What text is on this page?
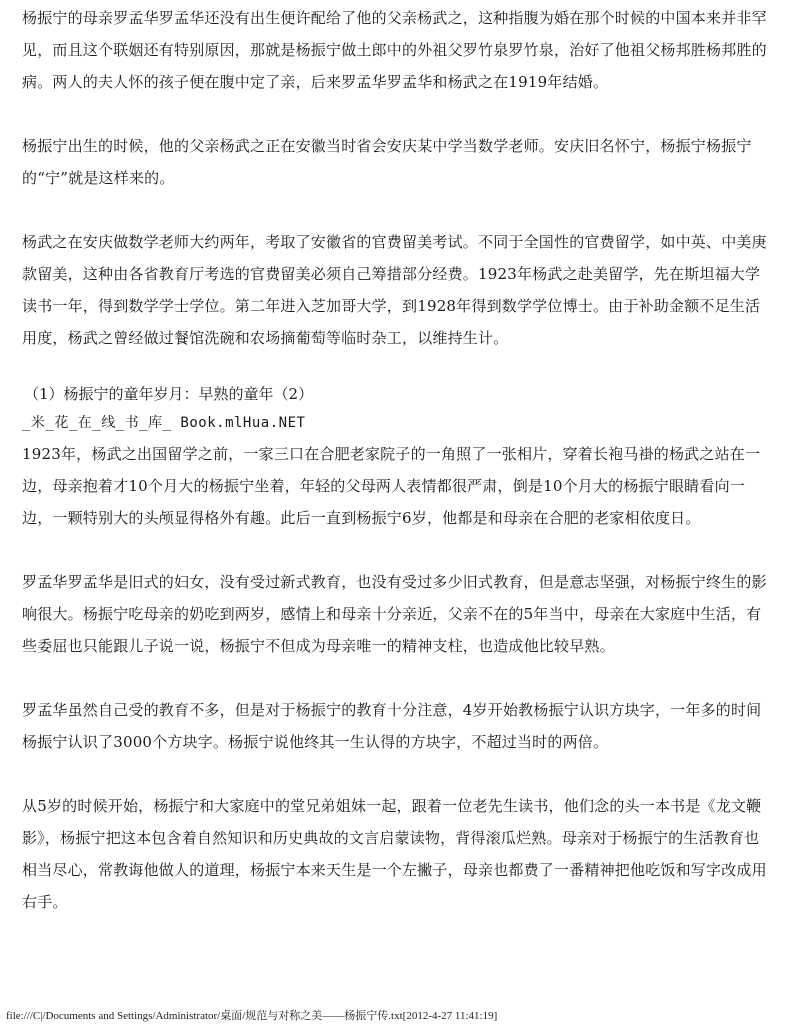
杨振宁的母亲罗孟华罗孟华还没有出生便许配给了他的父亲杨武之，这种指腹为婚在那个时候的中国本来并非罕见，而且这个联姻还有特别原因，那就是杨振宁做土郎中的外祖父罗竹泉罗竹泉，治好了他祖父杨邦胜杨邦胜的病。两人的夫人怀的孩子便在腹中定了亲，后来罗孟华罗孟华和杨武之在1919年结婚。

杨振宁出生的时候，他的父亲杨武之正在安徽当时省会安庆某中学当数学老师。安庆旧名怀宁，杨振宁杨振宁的“宁”就是这样来的。

杨武之在安庆做数学老师大约两年，考取了安徽省的官费留美考试。不同于全国性的官费留学，如中英、中美庚款留美，这种由各省教育厅考选的官费留美必须自己筹措部分经费。1923年杨武之赴美留学，先在斯坦福大学读书一年，得到数学学士学位。第二年进入芝加哥大学，到1928年得到数学学位博士。由于补助金额不足生活用度，杨武之曾经做过餐馆洗碗和农场摘葡萄等临时杂工，以维持生计。

（1）杨振宁的童年岁月：早熟的童年（2）

_米_花_在_线_书_库_ Book.mlHua.NET

1923年，杨武之出国留学之前，一家三口在合肥老家院子的一角照了一张相片，穿着长袍马褂的杨武之站在一边，母亲抱着才10个月大的杨振宁坐着，年轻的父母两人表情都很严肃，倒是10个月大的杨振宁眼睛看向一边，一颗特别大的头颅显得格外有趣。此后一直到杨振宁6岁，他都是和母亲在合肥的老家相依度日。

罗孟华罗孟华是旧式的妇女，没有受过新式教育，也没有受过多少旧式教育，但是意志坚强，对杨振宁终生的影响很大。杨振宁吃母亲的奶吃到两岁，感情上和母亲十分亲近，父亲不在的5年当中，母亲在大家庭中生活，有些委屈也只能跟儿子说一说，杨振宁不但成为母亲唯一的精神支柱，也造成他比较早熟。

罗孟华虽然自己受的教育不多，但是对于杨振宁的教育十分注意，4岁开始教杨振宁认识方块字，一年多的时间杨振宁认识了3000个方块字。杨振宁说他终其一生认得的方块字，不超过当时的两倍。

从5岁的时候开始，杨振宁和大家庭中的堂兄弟姐妹一起，跟着一位老先生读书，他们念的头一本书是《龙文鞭影》，杨振宁把这本包含着自然知识和历史典故的文言启蒙读物，背得滚瓜烂熟。母亲对于杨振宁的生活教育也相当尽心，常教诲他做人的道理，杨振宁本来天生是一个左撇子，母亲也都费了一番精神把他吃饭和写字改成用右手。

file:///C|/Documents and Settings/Administrator/桌面/规范与对称之美——杨振宁传.txt[2012-4-27 11:41:19]
